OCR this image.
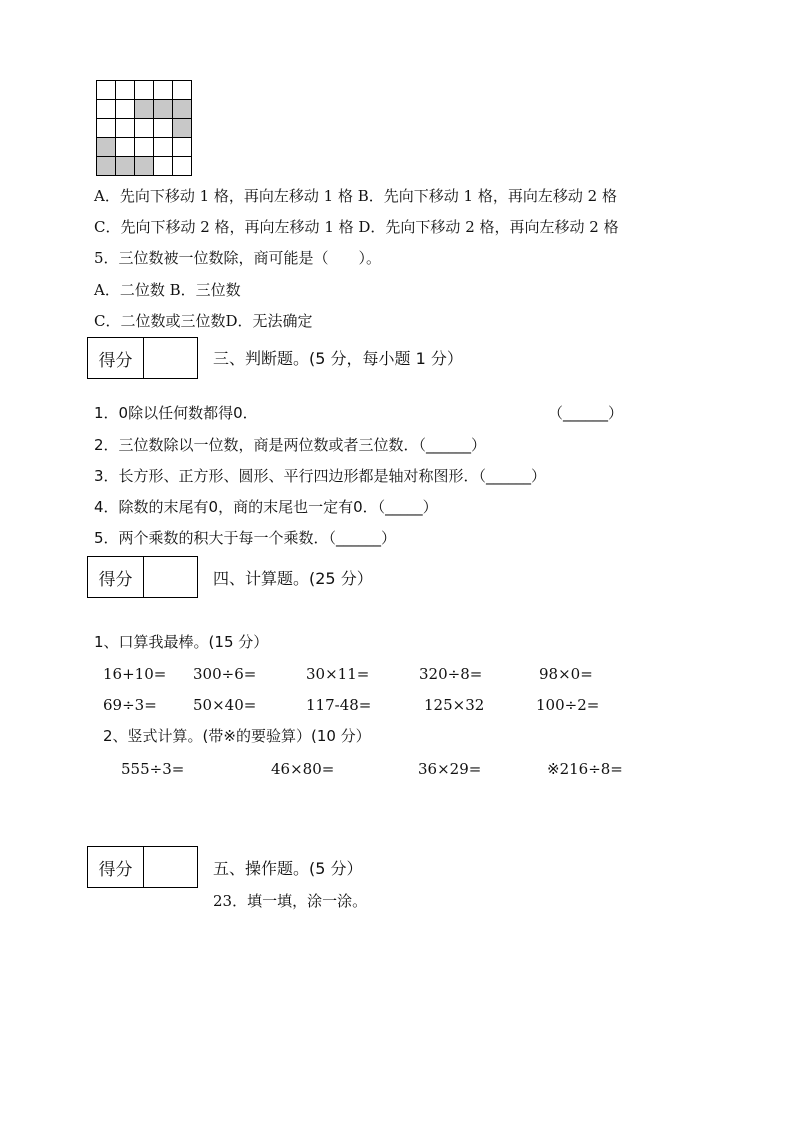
A．先向下移动 1 格，再向左移动 1 格 B．先向下移动 1 格，再向左移动 2 格
C．先向下移动 2 格，再向左移动 1 格 D．先向下移动 2 格，再向左移动 2 格
5．三位数被一位数除，商可能是（　　）。
A．二位数 B．三位数
C．二位数或三位数D．无法确定
得分	三、判断题。(5 分，每小题 1 分）
1．0除以任何数都得0．	（______）
2．三位数除以一位数，商是两位数或者三位数．（______）
3．长方形、正方形、圆形、平行四边形都是轴对称图形．（______）
4．除数的末尾有0，商的末尾也一定有0．（_____）
5．两个乘数的积大于每一个乘数．（______）
得分	四、计算题。(25 分）
1、口算我最棒。(15 分）
16+10= 300÷6=	30×11=	320÷8=	98×0=
69÷3= 50×40=	117-48=	125×32	100÷2=
2、竖式计算。(带※的要验算）(10 分）
555÷3=	46×80=	36×29=	※216÷8=
得分	五、操作题。(5 分）
23．填一填，涂一涂。
